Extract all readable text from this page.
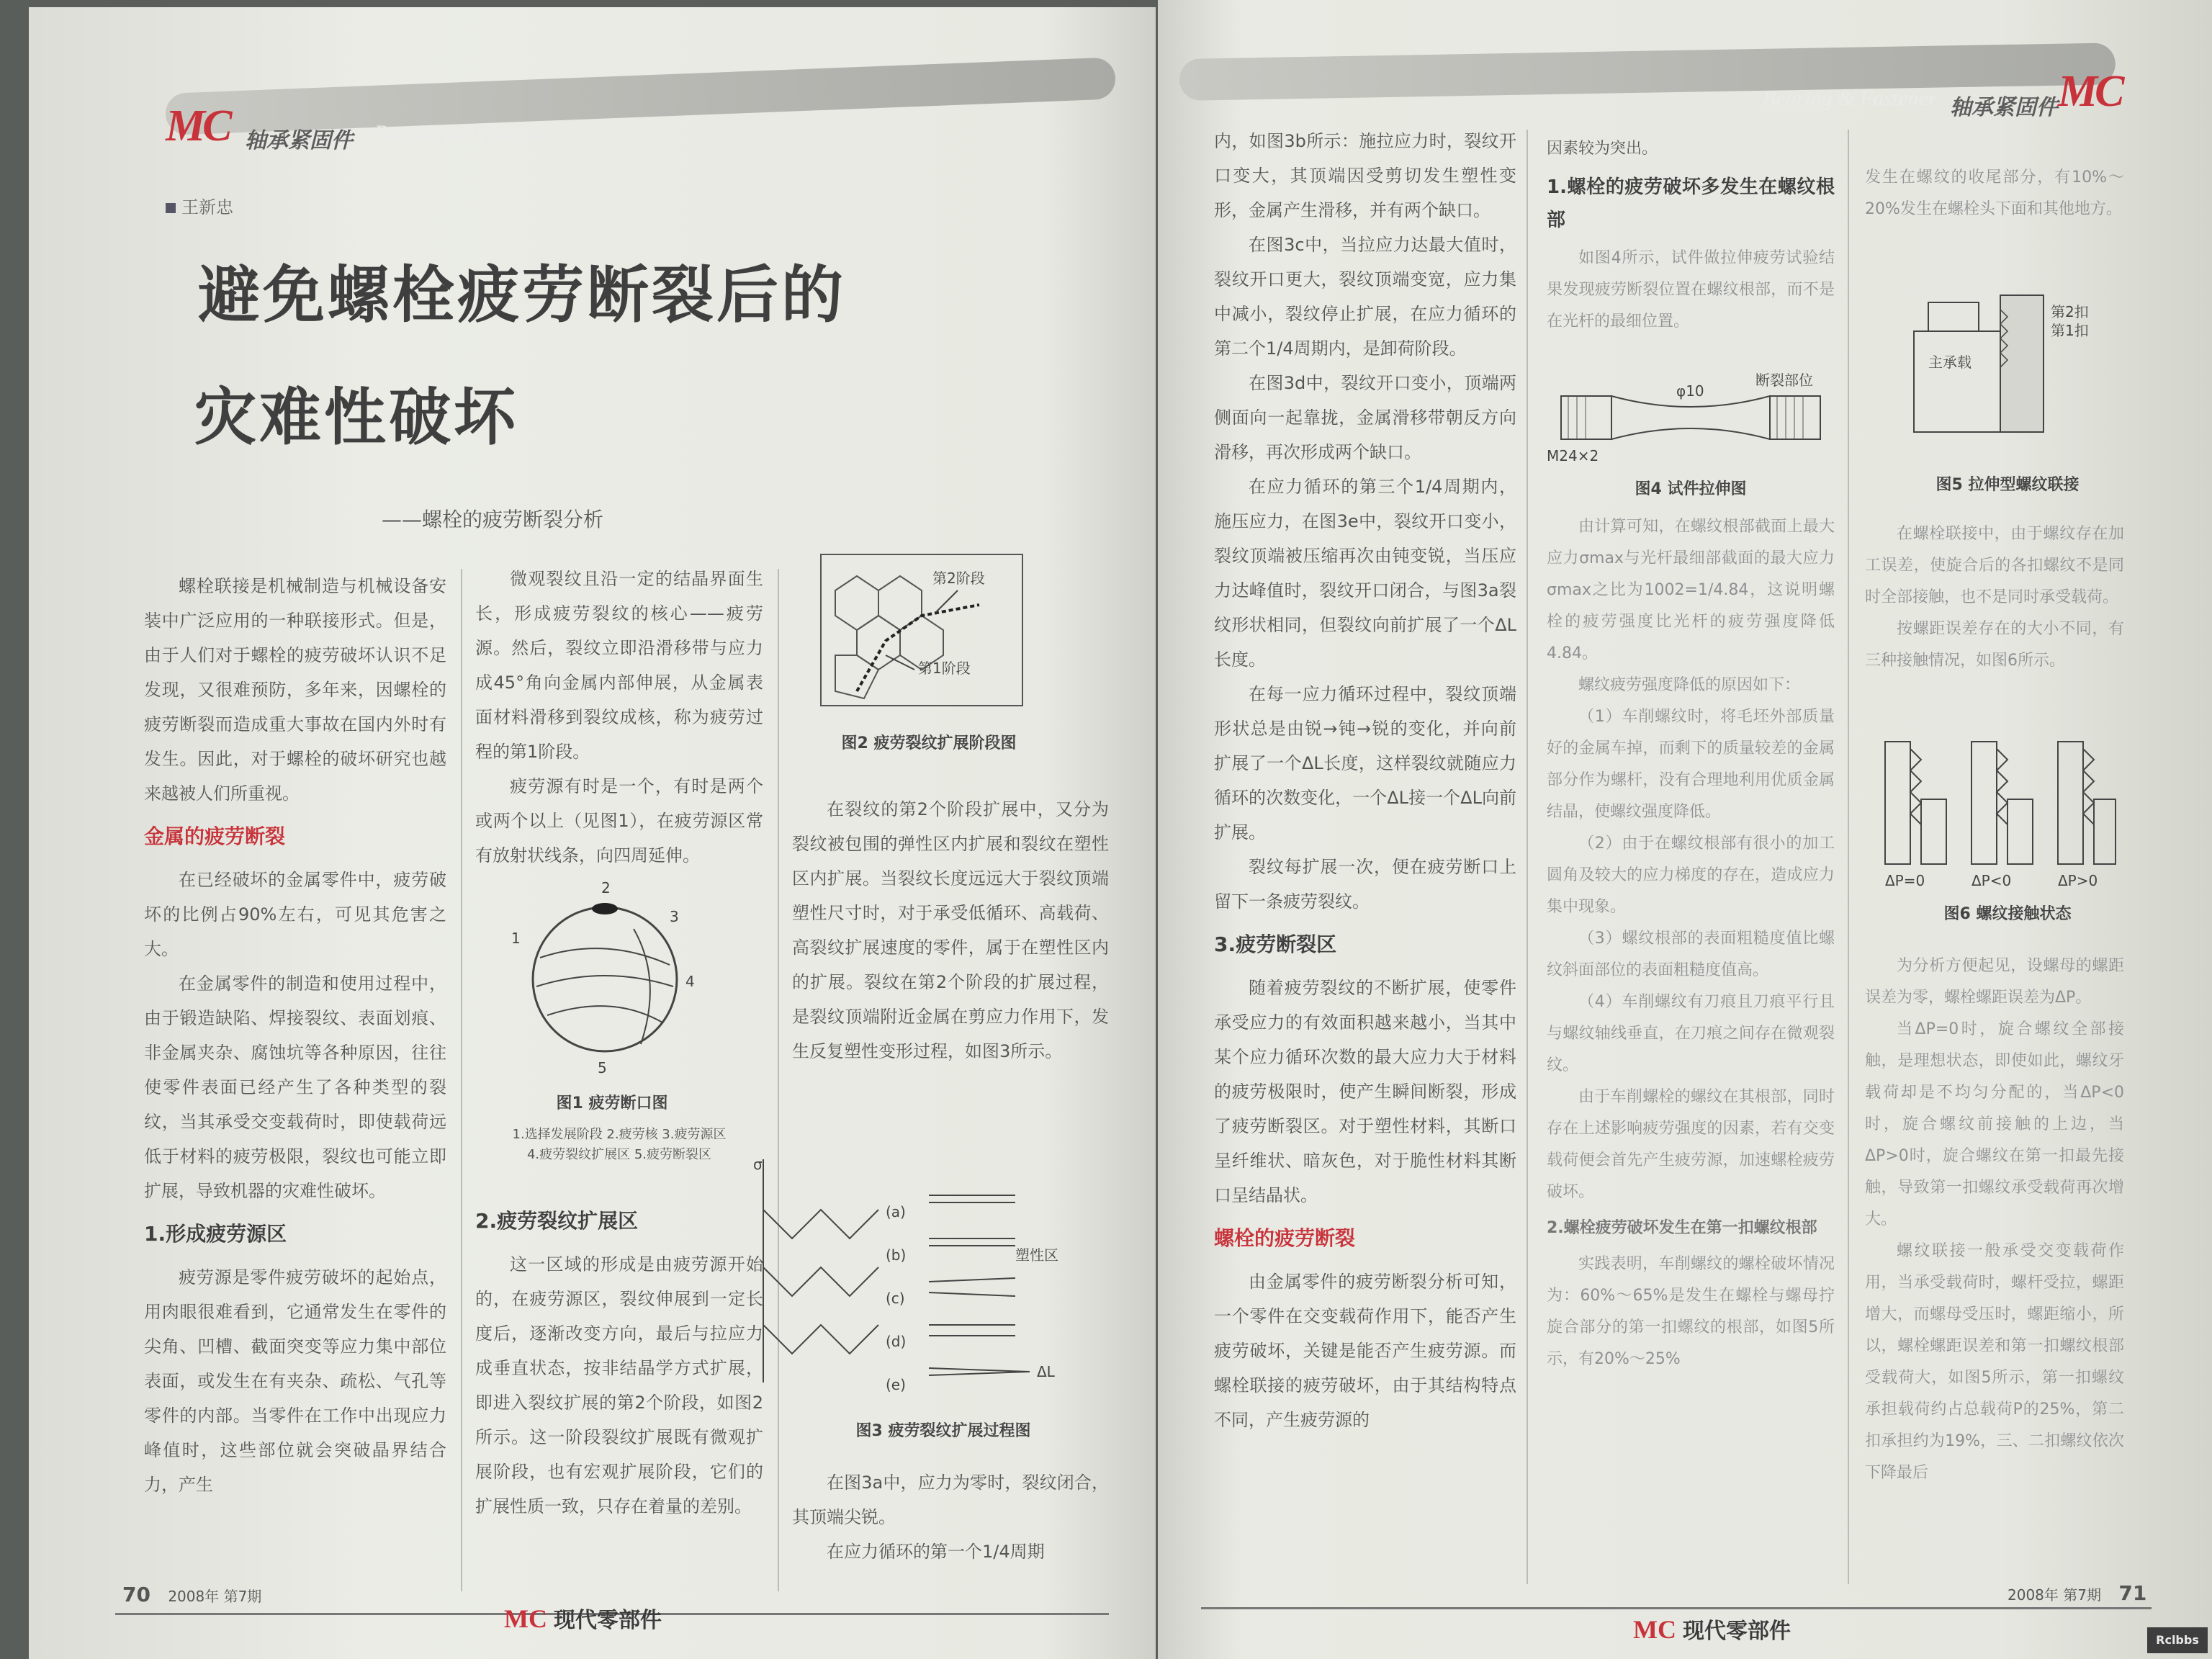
MC 轴承紧固件 Bearing & Fastener
王新忠
避免螺栓疲劳断裂后的
灾难性破坏
——螺栓的疲劳断裂分析

螺栓联接是机械制造与机械设备安装中广泛应用的一种联接形式。但是，由于人们对于螺栓的疲劳破坏认识不足发现，又很难预防，多年来，因螺栓的疲劳断裂而造成重大事故在国内外时有发生。因此，对于螺栓的破坏研究也越来越被人们所重视。

金属的疲劳断裂

在已经破坏的金属零件中，疲劳破坏的比例占90%左右，可见其危害之大。

在金属零件的制造和使用过程中，由于锻造缺陷、焊接裂纹、表面划痕、非金属夹杂、腐蚀坑等各种原因，往往使零件表面已经产生了各种类型的裂纹，当其承受交变载荷时，即使载荷远低于材料的疲劳极限，裂纹也可能立即扩展，导致机器的灾难性破坏。

1.形成疲劳源区

疲劳源是零件疲劳破坏的起始点，用肉眼很难看到，它通常发生在零件的尖角、凹槽、截面突变等应力集中部位表面，或发生在有夹杂、疏松、气孔等零件的内部。当零件在工作中出现应力峰值时，这些部位就会突破晶界结合力，产生

微观裂纹且沿一定的结晶界面生长，形成疲劳裂纹的核心——疲劳源。然后，裂纹立即沿滑移带与应力成45°角向金属内部伸展，从金属表面材料滑移到裂纹成核，称为疲劳过程的第1阶段。

疲劳源有时是一个，有时是两个或两个以上（见图1），在疲劳源区常有放射状线条，向四周延伸。

2
1
3
4
5
图1 疲劳断口图
1.选择发展阶段 2.疲劳核 3.疲劳源区
4.疲劳裂纹扩展区 5.疲劳断裂区
2.疲劳裂纹扩展区

这一区域的形成是由疲劳源开始的，在疲劳源区，裂纹伸展到一定长度后，逐渐改变方向，最后与拉应力成垂直状态，按非结晶学方式扩展，即进入裂纹扩展的第2个阶段，如图2所示。这一阶段裂纹扩展既有微观扩展阶段，也有宏观扩展阶段，它们的扩展性质一致，只存在着量的差别。

第2阶段
第1阶段
图2 疲劳裂纹扩展阶段图

在裂纹的第2个阶段扩展中，又分为裂纹被包围的弹性区内扩展和裂纹在塑性区内扩展。当裂纹长度远远大于裂纹顶端塑性尺寸时，对于承受低循环、高载荷、高裂纹扩展速度的零件，属于在塑性区内的扩展。裂纹在第2个阶段的扩展过程，是裂纹顶端附近金属在剪应力作用下，发生反复塑性变形过程，如图3所示。

σ
(a)
(b)
(c)
(d)
(e)
塑性区
ΔL
图3 疲劳裂纹扩展过程图

在图3a中，应力为零时，裂纹闭合，其顶端尖锐。

在应力循环的第一个1/4周期

70 2008年 第7期
MC 现代零部件
Bearing & Fastener 轴承紧固件 MC

内，如图3b所示：施拉应力时，裂纹开口变大，其顶端因受剪切发生塑性变形，金属产生滑移，并有两个缺口。

在图3c中，当拉应力达最大值时，裂纹开口更大，裂纹顶端变宽，应力集中减小，裂纹停止扩展，在应力循环的第二个1/4周期内，是卸荷阶段。

在图3d中，裂纹开口变小，顶端两侧面向一起靠拢，金属滑移带朝反方向滑移，再次形成两个缺口。

在应力循环的第三个1/4周期内，施压应力，在图3e中，裂纹开口变小，裂纹顶端被压缩再次由钝变锐，当压应力达峰值时，裂纹开口闭合，与图3a裂纹形状相同，但裂纹向前扩展了一个ΔL长度。

在每一应力循环过程中，裂纹顶端形状总是由锐→钝→锐的变化，并向前扩展了一个ΔL长度，这样裂纹就随应力循环的次数变化，一个ΔL接一个ΔL向前扩展。

裂纹每扩展一次，便在疲劳断口上留下一条疲劳裂纹。

3.疲劳断裂区

随着疲劳裂纹的不断扩展，使零件承受应力的有效面积越来越小，当其中某个应力循环次数的最大应力大于材料的疲劳极限时，使产生瞬间断裂，形成了疲劳断裂区。对于塑性材料，其断口呈纤维状、暗灰色，对于脆性材料其断口呈结晶状。

螺栓的疲劳断裂

由金属零件的疲劳断裂分析可知，一个零件在交变载荷作用下，能否产生疲劳破坏，关键是能否产生疲劳源。而螺栓联接的疲劳破坏，由于其结构特点不同，产生疲劳源的

因素较为突出。

1.螺栓的疲劳破坏多发生在螺纹根部

如图4所示，试件做拉伸疲劳试验结果发现疲劳断裂位置在螺纹根部，而不是在光杆的最细位置。

断裂部位
φ10
M24×2
图4 试件拉伸图

由计算可知，在螺纹根部截面上最大应力σmax与光杆最细部截面的最大应力σmax之比为1002=1/4.84，这说明螺栓的疲劳强度比光杆的疲劳强度降低4.84。

螺纹疲劳强度降低的原因如下：

（1）车削螺纹时，将毛坯外部质量好的金属车掉，而剩下的质量较差的金属部分作为螺杆，没有合理地利用优质金属结晶，使螺纹强度降低。

（2）由于在螺纹根部有很小的加工圆角及较大的应力梯度的存在，造成应力集中现象。

（3）螺纹根部的表面粗糙度值比螺纹斜面部位的表面粗糙度值高。

（4）车削螺纹有刀痕且刀痕平行且与螺纹轴线垂直，在刀痕之间存在微观裂纹。

由于车削螺栓的螺纹在其根部，同时存在上述影响疲劳强度的因素，若有交变载荷便会首先产生疲劳源，加速螺栓疲劳破坏。

2.螺栓疲劳破坏发生在第一扣螺纹根部

实践表明，车削螺纹的螺栓破坏情况为：60%～65%是发生在螺栓与螺母拧旋合部分的第一扣螺纹的根部，如图5所示，有20%～25%

发生在螺纹的收尾部分，有10%～20%发生在螺栓头下面和其他地方。

第2扣
第1扣
主承载
图5 拉伸型螺纹联接

在螺栓联接中，由于螺纹存在加工误差，使旋合后的各扣螺纹不是同时全部接触，也不是同时承受载荷。

按螺距误差存在的大小不同，有三种接触情况，如图6所示。

ΔP=0	ΔP<0	ΔP>0
图6 螺纹接触状态

为分析方便起见，设螺母的螺距误差为零，螺栓螺距误差为ΔP。

当ΔP=0时，旋合螺纹全部接触，是理想状态，即使如此，螺纹牙载荷却是不均匀分配的，当ΔP<0时，旋合螺纹前接触的上边，当ΔP>0时，旋合螺纹在第一扣最先接触，导致第一扣螺纹承受载荷再次增大。

螺纹联接一般承受交变载荷作用，当承受载荷时，螺杆受拉，螺距增大，而螺母受压时，螺距缩小，所以，螺栓螺距误差和第一扣螺纹根部受载荷大，如图5所示，第一扣螺纹承担载荷约占总载荷P的25%，第二扣承担约为19%，三、二扣螺纹依次下降最后

MC 现代零部件
2008年 第7期 71
Rclbbs
